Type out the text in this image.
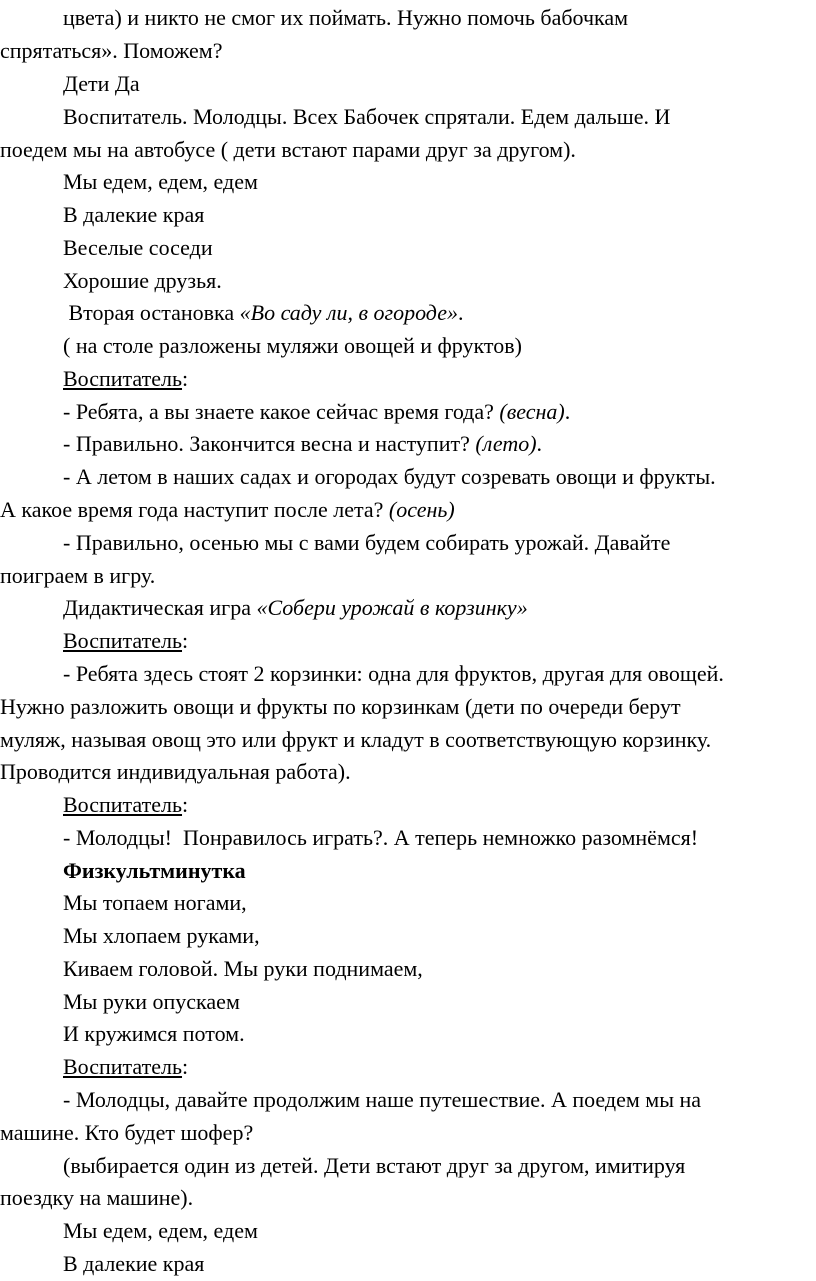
цвета) и никто не смог их поймать. Нужно помочь бабочкам
спрятаться». Поможем?
Дети Да
Воспитатель. Молодцы. Всех Бабочек спрятали. Едем дальше. И
поедем мы на автобусе ( дети встают парами друг за другом).
Мы едем, едем, едем
В далекие края
Веселые соседи
Хорошие друзья.
Вторая остановка «Во саду ли, в огороде».
( на столе разложены муляжи овощей и фруктов)
Воспитатель:
- Ребята, а вы знаете какое сейчас время года? (весна).
- Правильно. Закончится весна и наступит? (лето).
- А летом в наших садах и огородах будут созревать овощи и фрукты.
А какое время года наступит после лета? (осень)
- Правильно, осенью мы с вами будем собирать урожай. Давайте
поиграем в игру.
Дидактическая игра «Собери урожай в корзинку»
Воспитатель:
- Ребята здесь стоят 2 корзинки: одна для фруктов, другая для овощей.
Нужно разложить овощи и фрукты по корзинкам (дети по очереди берут
муляж, называя овощ это или фрукт и кладут в соответствующую корзинку.
Проводится индивидуальная работа).
Воспитатель:
- Молодцы!  Понравилось играть?. А теперь немножко разомнёмся!
Физкультминутка
Мы топаем ногами,
Мы хлопаем руками,
Киваем головой. Мы руки поднимаем,
Мы руки опускаем
И кружимся потом.
Воспитатель:
- Молодцы, давайте продолжим наше путешествие. А поедем мы на
машине. Кто будет шофер?
(выбирается один из детей. Дети встают друг за другом, имитируя
поездку на машине).
Мы едем, едем, едем
В далекие края
